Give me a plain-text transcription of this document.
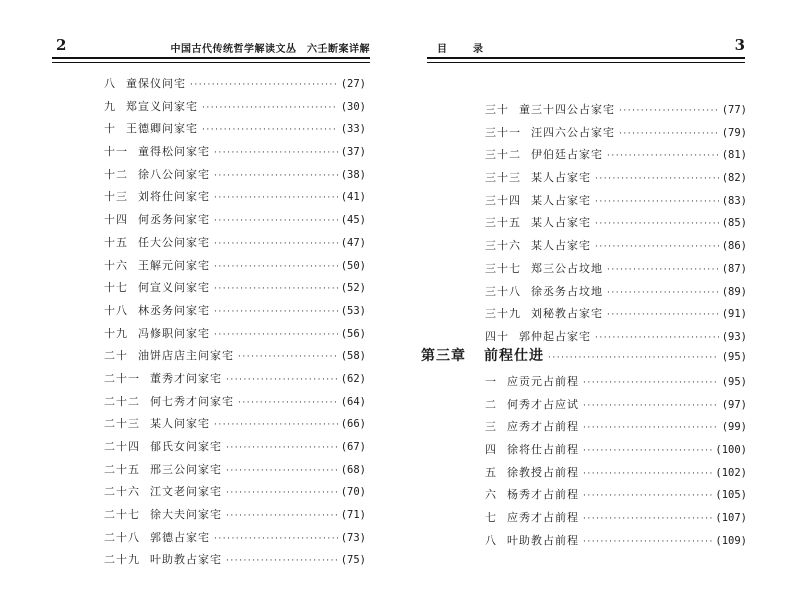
2	中国古代传统哲学解读文丛　六壬断案详解
八 童保仪问宅 ·····	(27)
九 郑宣义问家宅 ·····	(30)
十 王德卿问家宅 ·····	(33)
十一 童得松问家宅 ·····	(37)
十二 徐八公问家宅 ·····	(38)
十三 刘将仕问家宅 ·····	(41)
十四 何丞务问家宅 ·····	(45)
十五 任大公问家宅 ·····	(47)
十六 王解元问家宅 ·····	(50)
十七 何宣义问家宅 ·····	(52)
十八 林丞务问家宅 ·····	(53)
十九 冯修职问家宅 ·····	(56)
二十 油饼店店主问家宅 ·····	(58)
二十一 董秀才问家宅 ·····	(62)
二十二 何七秀才问家宅 ·····	(64)
二十三 某人问家宅 ·····	(66)
二十四 郁氏女问家宅 ·····	(67)
二十五 邢三公问家宅 ·····	(68)
二十六 江文老问家宅 ·····	(70)
二十七 徐大夫问家宅 ·····	(71)
二十八 郭德占家宅 ·····	(73)
二十九 叶助教占家宅 ·····	(75)
目　录	3
三十 童三十四公占家宅 ·····	(77)
三十一 汪四六公占家宅 ·····	(79)
三十二 伊伯廷占家宅 ·····	(81)
三十三 某人占家宅 ·····	(82)
三十四 某人占家宅 ·····	(83)
三十五 某人占家宅 ·····	(85)
三十六 某人占家宅 ·····	(86)
三十七 郑三公占坟地 ·····	(87)
三十八 徐丞务占坟地 ·····	(89)
三十九 刘秘教占家宅 ·····	(91)
四十 郭仲起占家宅 ·····	(93)
第三章 前程仕进 ·····	(95)
一 应贡元占前程 ·····	(95)
二 何秀才占应试 ·····	(97)
三 应秀才占前程 ·····	(99)
四 徐将仕占前程 ·····	(100)
五 徐教授占前程 ·····	(102)
六 杨秀才占前程 ·····	(105)
七 应秀才占前程 ·····	(107)
八 叶助教占前程 ·····	(109)
